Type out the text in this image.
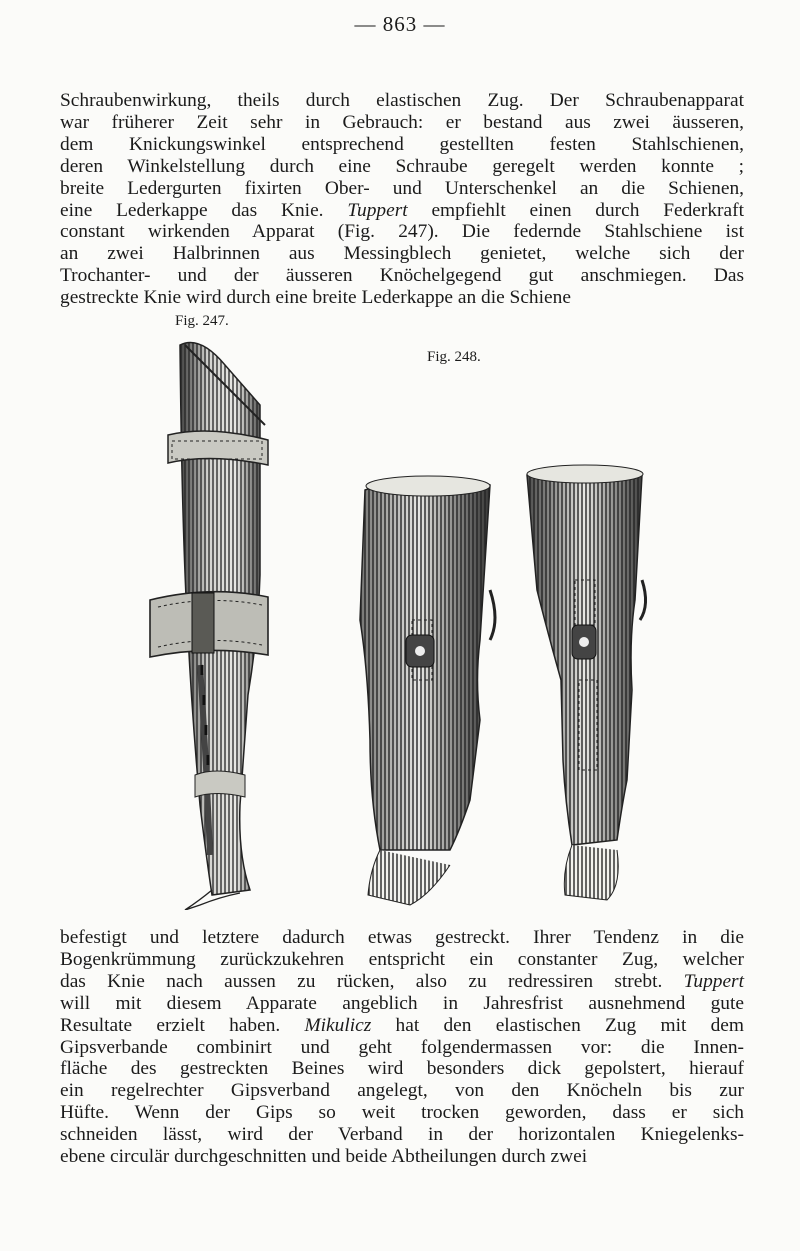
— 863 —

Schraubenwirkung, theils durch elastischen Zug. Der Schraubenapparat
war früherer Zeit sehr in Gebrauch: er bestand aus zwei äusseren,
dem Knickungswinkel entsprechend gestellten festen Stahlschienen,
deren Winkelstellung durch eine Schraube geregelt werden konnte ;
breite Ledergurten fixirten Ober- und Unterschenkel an die Schienen,
eine Lederkappe das Knie. Tuppert empfiehlt einen durch Federkraft
constant wirkenden Apparat (Fig. 247). Die federnde Stahlschiene ist
an zwei Halbrinnen aus Messingblech genietet, welche sich der
Trochanter- und der äusseren Knöchelgegend gut anschmiegen. Das
gestreckte Knie wird durch eine breite Lederkappe an die Schiene

Fig. 247.
Fig. 248.

befestigt und letztere dadurch etwas gestreckt. Ihrer Tendenz in die
Bogenkrümmung zurückzukehren entspricht ein constanter Zug, welcher
das Knie nach aussen zu rücken, also zu redressiren strebt. Tuppert
will mit diesem Apparate angeblich in Jahresfrist ausnehmend gute
Resultate erzielt haben. Mikulicz hat den elastischen Zug mit dem
Gipsverbande combinirt und geht folgendermassen vor: die Innen-
fläche des gestreckten Beines wird besonders dick gepolstert, hierauf
ein regelrechter Gipsverband angelegt, von den Knöcheln bis zur
Hüfte. Wenn der Gips so weit trocken geworden, dass er sich
schneiden lässt, wird der Verband in der horizontalen Kniegelenks-
ebene circulär durchgeschnitten und beide Abtheilungen durch zwei
